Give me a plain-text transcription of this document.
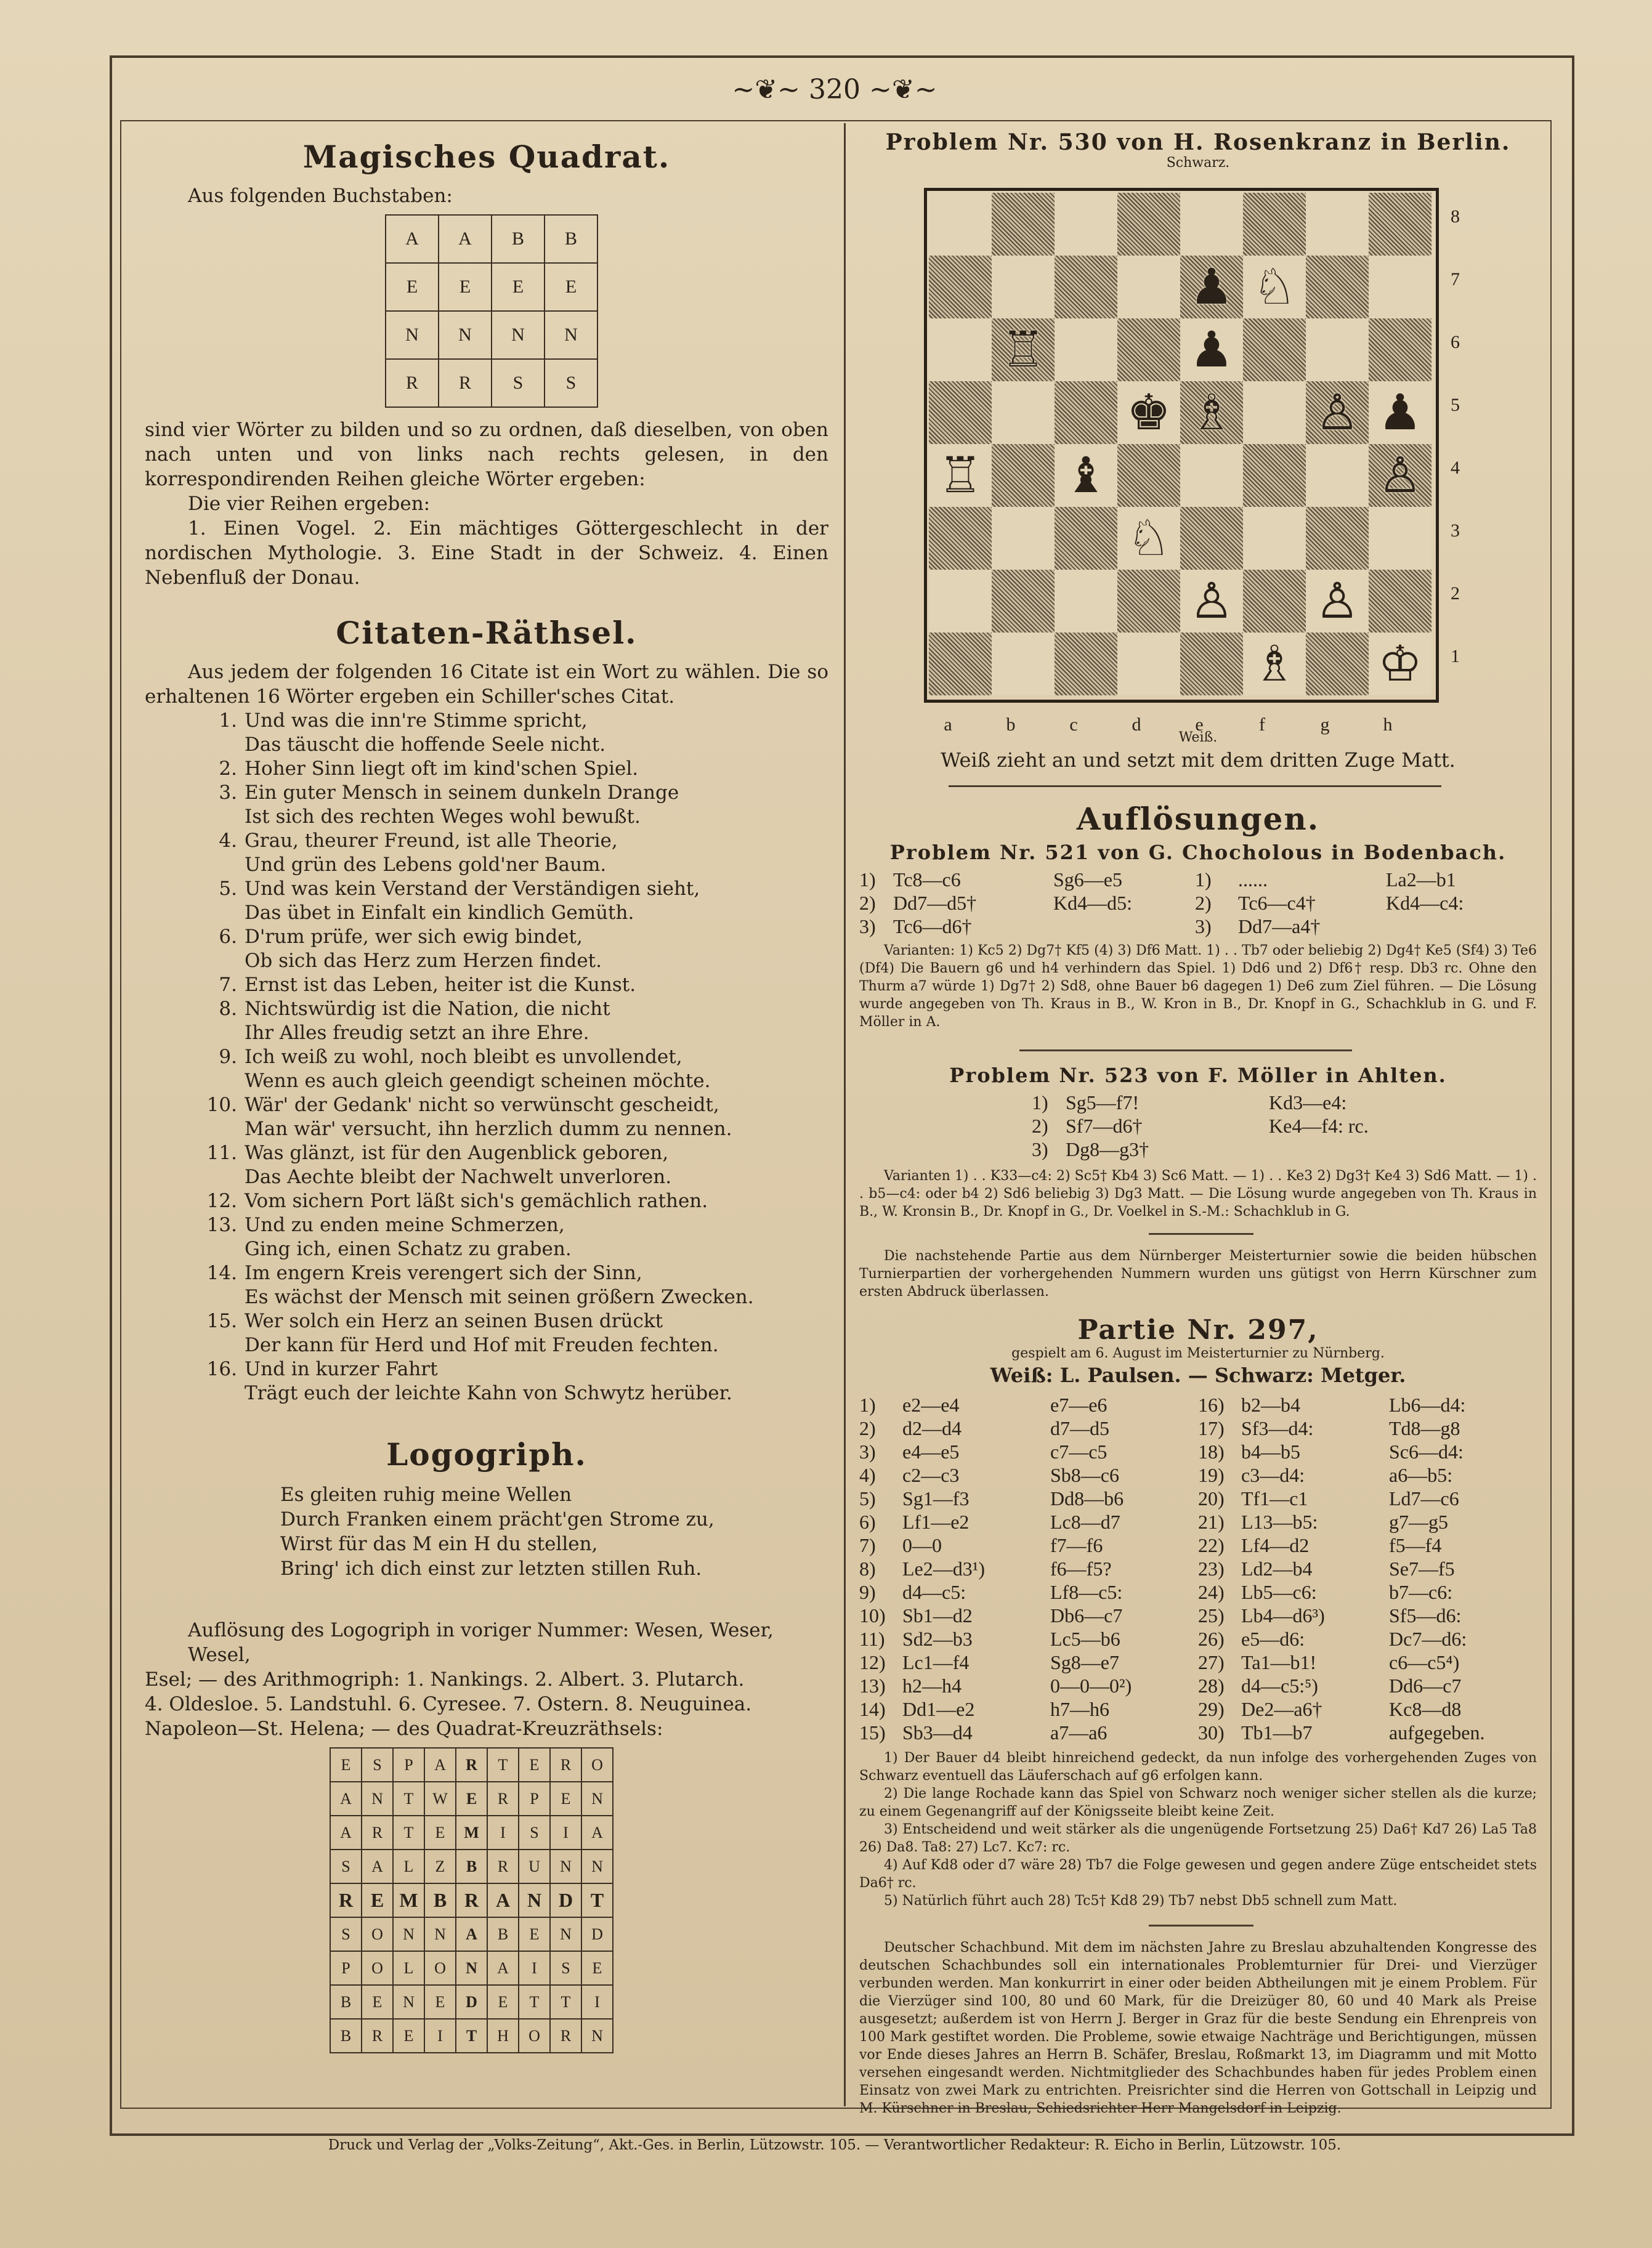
~❦~ 320 ~❦~
Magisches Quadrat.

Aus folgenden Buchstaben:

A	A	B	B
E	E	E	E
N	N	N	N
R	R	S	S

sind vier Wörter zu bilden und so zu ordnen, daß dieselben, von oben nach unten und von links nach rechts gelesen, in den korrespondirenden Reihen gleiche Wörter ergeben:

Die vier Reihen ergeben:

1. Einen Vogel. 2. Ein mächtiges Göttergeschlecht in der nordischen Mythologie. 3. Eine Stadt in der Schweiz. 4. Einen Nebenfluß der Donau.

Citaten-Räthsel.

Aus jedem der folgenden 16 Citate ist ein Wort zu wählen. Die so erhaltenen 16 Wörter ergeben ein Schiller'sches Citat.

1. Und was die inn're Stimme spricht,
Das täuscht die hoffende Seele nicht.
2. Hoher Sinn liegt oft im kind'schen Spiel.
3. Ein guter Mensch in seinem dunkeln Drange
Ist sich des rechten Weges wohl bewußt.
4. Grau, theurer Freund, ist alle Theorie,
Und grün des Lebens gold'ner Baum.
5. Und was kein Verstand der Verständigen sieht,
Das übet in Einfalt ein kindlich Gemüth.
6. D'rum prüfe, wer sich ewig bindet,
Ob sich das Herz zum Herzen findet.
7. Ernst ist das Leben, heiter ist die Kunst.
8. Nichtswürdig ist die Nation, die nicht
Ihr Alles freudig setzt an ihre Ehre.
9. Ich weiß zu wohl, noch bleibt es unvollendet,
Wenn es auch gleich geendigt scheinen möchte.
10. Wär' der Gedank' nicht so verwünscht gescheidt,
Man wär' versucht, ihn herzlich dumm zu nennen.
11. Was glänzt, ist für den Augenblick geboren,
Das Aechte bleibt der Nachwelt unverloren.
12. Vom sichern Port läßt sich's gemächlich rathen.
13. Und zu enden meine Schmerzen,
Ging ich, einen Schatz zu graben.
14. Im engern Kreis verengert sich der Sinn,
Es wächst der Mensch mit seinen größern Zwecken.
15. Wer solch ein Herz an seinen Busen drückt
Der kann für Herd und Hof mit Freuden fechten.
16. Und in kurzer Fahrt
Trägt euch der leichte Kahn von Schwytz herüber.
Logogriph.

Es gleiten ruhig meine Wellen

Durch Franken einem prächt'gen Strome zu,

Wirst für das M ein H du stellen,

Bring' ich dich einst zur letzten stillen Ruh.

Auflösung des Logogriph in voriger Nummer: Wesen, Weser, Wesel,

Esel; — des Arithmogriph: 1. Nankings. 2. Albert. 3. Plutarch.

4. Oldesloe. 5. Landstuhl. 6. Cyresee. 7. Ostern. 8. Neuguinea.

Napoleon—St. Helena; — des Quadrat-Kreuzräthsels:

E	S	P	A	R	T	E	R	O
A	N	T	W	E	R	P	E	N
A	R	T	E	M	I	S	I	A
S	A	L	Z	B	R	U	N	N
R	E	M	B	R	A	N	D	T
S	O	N	N	A	B	E	N	D
P	O	L	O	N	A	I	S	E
B	E	N	E	D	E	T	T	I
B	R	E	I	T	H	O	R	N
Problem Nr. 530 von H. Rosenkranz in Berlin.
Schwarz.
♟ ♘
♖	♟
♚ ♗ ♙ ♟
♖ ♝	♙
♘
♙ ♙
♗ ♔
8
7
6
5
4
3
2
1
a	b	c	d	e	f	g	h
Weiß.
Weiß zieht an und setzt mit dem dritten Zuge Matt.
Auflösungen.
Problem Nr. 521 von G. Chocholous in Bodenbach.
1) Tc8—c6	Sg6—e5	1)	......	La2—b1
2) Dd7—d5†	Kd4—d5:	2)	Tc6—c4†	Kd4—c4:
3) Tc6—d6†	3)	Dd7—a4†

Varianten: 1) Kc5 2) Dg7† Kf5 (4) 3) Df6 Matt. 1) . . Tb7 oder beliebig 2) Dg4† Ke5 (Sf4) 3) Te6 (Df4) Die Bauern g6 und h4 verhindern das Spiel. 1) Dd6 und 2) Df6† resp. Db3 rc. Ohne den Thurm a7 würde 1) Dg7† 2) Sd8, ohne Bauer b6 dagegen 1) De6 zum Ziel führen. — Die Lösung wurde angegeben von Th. Kraus in B., W. Kron in B., Dr. Knopf in G., Schachklub in G. und F. Möller in A.

Problem Nr. 523 von F. Möller in Ahlten.
1) Sg5—f7!	Kd3—e4:
2) Sf7—d6†	Ke4—f4: rc.
3) Dg8—g3†

Varianten 1) . . K33—c4: 2) Sc5† Kb4 3) Sc6 Matt. — 1) . . Ke3 2) Dg3† Ke4 3) Sd6 Matt. — 1) . . b5—c4: oder b4 2) Sd6 beliebig 3) Dg3 Matt. — Die Lösung wurde angegeben von Th. Kraus in B., W. Kronsin B., Dr. Knopf in G., Dr. Voelkel in S.-M.: Schachklub in G.

Die nachstehende Partie aus dem Nürnberger Meisterturnier sowie die beiden hübschen Turnierpartien der vorhergehenden Nummern wurden uns gütigst von Herrn Kürschner zum ersten Abdruck überlassen.

Partie Nr. 297,
gespielt am 6. August im Meisterturnier zu Nürnberg.
Weiß: L. Paulsen. — Schwarz: Metger.
1)	e2—e4	e7—e6
2)	d2—d4	d7—d5
3)	e4—e5	c7—c5
4)	c2—c3	Sb8—c6
5)	Sg1—f3	Dd8—b6
6)	Lf1—e2	Lc8—d7
7)	0—0	f7—f6
8)	Le2—d3¹)	f6—f5?
9)	d4—c5:	Lf8—c5:
10) Sb1—d2	Db6—c7
11) Sd2—b3	Lc5—b6
12) Lc1—f4	Sg8—e7
13) h2—h4	0—0—0²)
14) Dd1—e2	h7—h6
15) Sb3—d4	a7—a6
16) b2—b4	Lb6—d4:
17) Sf3—d4:	Td8—g8
18) b4—b5	Sc6—d4:
19) c3—d4:	a6—b5:
20) Tf1—c1	Ld7—c6
21) L13—b5:	g7—g5
22) Lf4—d2	f5—f4
23) Ld2—b4	Se7—f5
24) Lb5—c6:	b7—c6:
25) Lb4—d6³)	Sf5—d6:
26) e5—d6:	Dc7—d6:
27) Ta1—b1!	c6—c5⁴)
28) d4—c5:⁵)	Dd6—c7
29) De2—a6†	Kc8—d8
30) Tb1—b7	aufgegeben.

1) Der Bauer d4 bleibt hinreichend gedeckt, da nun infolge des vorhergehenden Zuges von Schwarz eventuell das Läuferschach auf g6 erfolgen kann.

2) Die lange Rochade kann das Spiel von Schwarz noch weniger sicher stellen als die kurze; zu einem Gegenangriff auf der Königsseite bleibt keine Zeit.

3) Entscheidend und weit stärker als die ungenügende Fortsetzung 25) Da6† Kd7 26) La5 Ta8 26) Da8. Ta8: 27) Lc7. Kc7: rc.

4) Auf Kd8 oder d7 wäre 28) Tb7 die Folge gewesen und gegen andere Züge entscheidet stets Da6† rc.

5) Natürlich führt auch 28) Tc5† Kd8 29) Tb7 nebst Db5 schnell zum Matt.

Deutscher Schachbund. Mit dem im nächsten Jahre zu Breslau abzuhaltenden Kongresse des deutschen Schachbundes soll ein internationales Problemturnier für Drei- und Vierzüger verbunden werden. Man konkurrirt in einer oder beiden Abtheilungen mit je einem Problem. Für die Vierzüger sind 100, 80 und 60 Mark, für die Dreizüger 80, 60 und 40 Mark als Preise ausgesetzt; außerdem ist von Herrn J. Berger in Graz für die beste Sendung ein Ehrenpreis von 100 Mark gestiftet worden. Die Probleme, sowie etwaige Nachträge und Berichtigungen, müssen vor Ende dieses Jahres an Herrn B. Schäfer, Breslau, Roßmarkt 13, im Diagramm und mit Motto versehen eingesandt werden. Nichtmitglieder des Schachbundes haben für jedes Problem einen Einsatz von zwei Mark zu entrichten. Preisrichter sind die Herren von Gottschall in Leipzig und M. Kürschner in Breslau, Schiedsrichter Herr Mangelsdorf in Leipzig.

Druck und Verlag der „Volks-Zeitung“, Akt.-Ges. in Berlin, Lützowstr. 105. — Verantwortlicher Redakteur: R. Eicho in Berlin, Lützowstr. 105.
